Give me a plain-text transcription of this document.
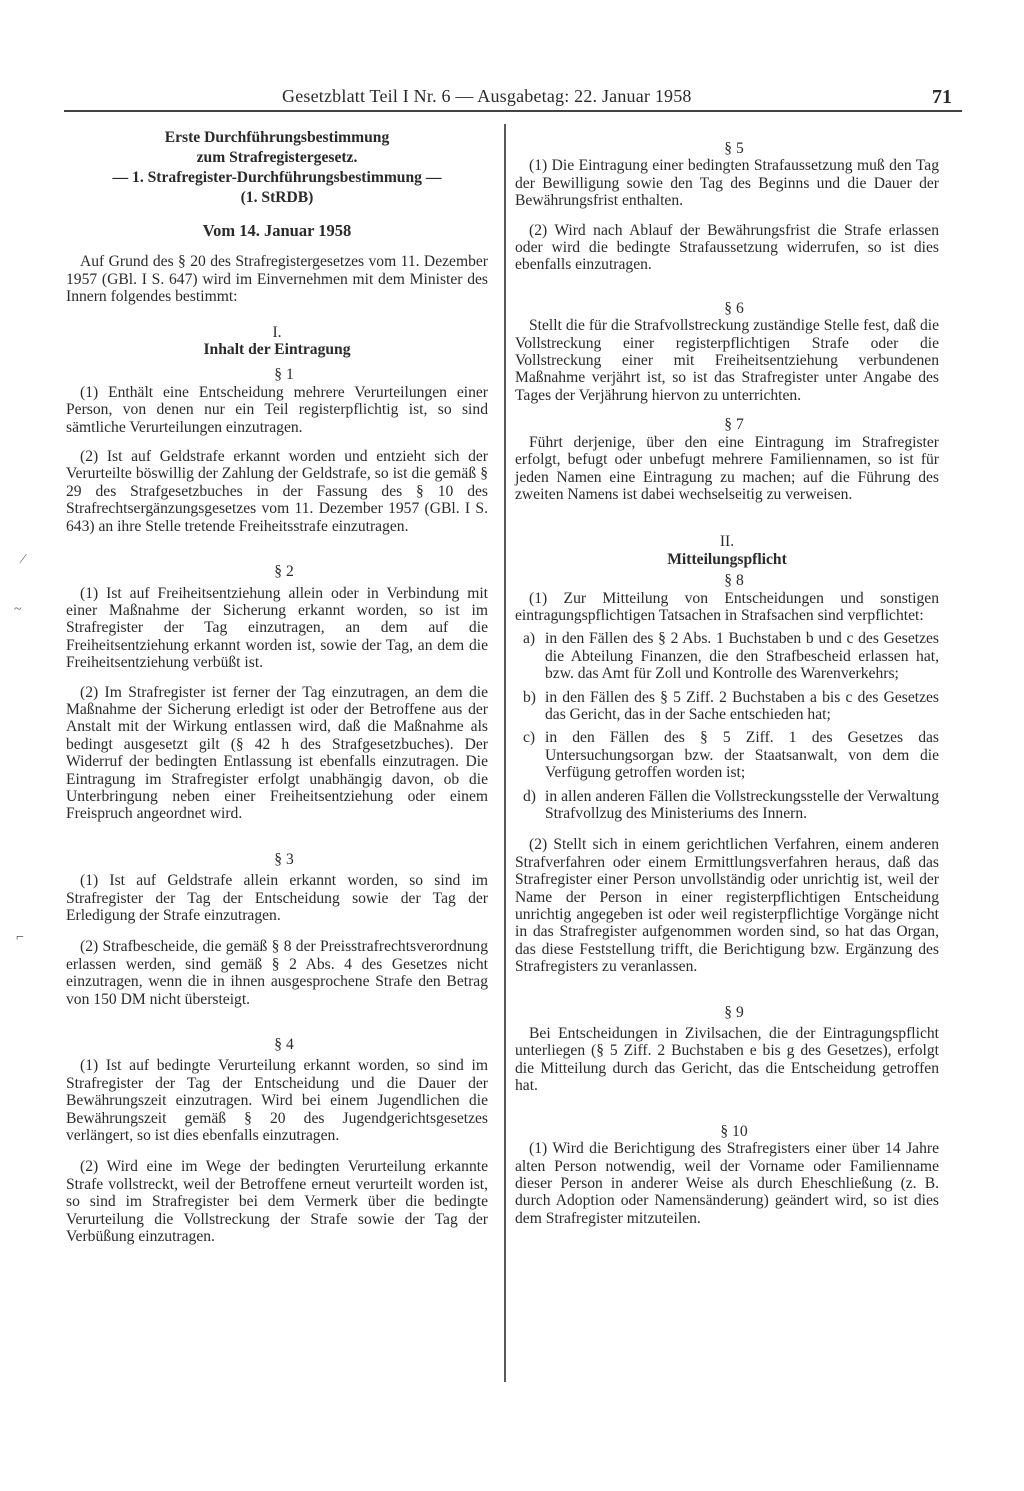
Gesetzblatt Teil I Nr. 6 — Ausgabetag: 22. Januar 1958	71

Erste Durchführungsbestimmung

zum Strafregistergesetz.

— 1. Strafregister-Durchführungsbestimmung —

(1. StRDB)

Vom 14. Januar 1958

Auf Grund des § 20 des Strafregistergesetzes vom 11. Dezember 1957 (GBl. I S. 647) wird im Einvernehmen mit dem Minister des Innern folgendes bestimmt:

I.

Inhalt der Eintragung

§ 1

(1) Enthält eine Entscheidung mehrere Verurteilungen einer Person, von denen nur ein Teil registerpflichtig ist, so sind sämtliche Verurteilungen einzutragen.

(2) Ist auf Geldstrafe erkannt worden und entzieht sich der Verurteilte böswillig der Zahlung der Geldstrafe, so ist die gemäß § 29 des Strafgesetzbuches in der Fassung des § 10 des Strafrechtsergänzungsgesetzes vom 11. Dezember 1957 (GBl. I S. 643) an ihre Stelle tretende Freiheitsstrafe einzutragen.

§ 2

(1) Ist auf Freiheitsentziehung allein oder in Verbindung mit einer Maßnahme der Sicherung erkannt worden, so ist im Strafregister der Tag einzutragen, an dem auf die Freiheitsentziehung erkannt worden ist, sowie der Tag, an dem die Freiheitsentziehung verbüßt ist.

(2) Im Strafregister ist ferner der Tag einzutragen, an dem die Maßnahme der Sicherung erledigt ist oder der Betroffene aus der Anstalt mit der Wirkung entlassen wird, daß die Maßnahme als bedingt ausgesetzt gilt (§ 42 h des Strafgesetzbuches). Der Widerruf der bedingten Entlassung ist ebenfalls einzutragen. Die Eintragung im Strafregister erfolgt unabhängig davon, ob die Unterbringung neben einer Freiheitsentziehung oder einem Freispruch angeordnet wird.

§ 3

(1) Ist auf Geldstrafe allein erkannt worden, so sind im Strafregister der Tag der Entscheidung sowie der Tag der Erledigung der Strafe einzutragen.

(2) Strafbescheide, die gemäß § 8 der Preisstrafrechtsverordnung erlassen werden, sind gemäß § 2 Abs. 4 des Gesetzes nicht einzutragen, wenn die in ihnen ausgesprochene Strafe den Betrag von 150 DM nicht übersteigt.

§ 4

(1) Ist auf bedingte Verurteilung erkannt worden, so sind im Strafregister der Tag der Entscheidung und die Dauer der Bewährungszeit einzutragen. Wird bei einem Jugendlichen die Bewährungszeit gemäß § 20 des Jugendgerichtsgesetzes verlängert, so ist dies ebenfalls einzutragen.

(2) Wird eine im Wege der bedingten Verurteilung erkannte Strafe vollstreckt, weil der Betroffene erneut verurteilt worden ist, so sind im Strafregister bei dem Vermerk über die bedingte Verurteilung die Vollstreckung der Strafe sowie der Tag der Verbüßung einzutragen.

§ 5

(1) Die Eintragung einer bedingten Strafaussetzung muß den Tag der Bewilligung sowie den Tag des Beginns und die Dauer der Bewährungsfrist enthalten.

(2) Wird nach Ablauf der Bewährungsfrist die Strafe erlassen oder wird die bedingte Strafaussetzung widerrufen, so ist dies ebenfalls einzutragen.

§ 6

Stellt die für die Strafvollstreckung zuständige Stelle fest, daß die Vollstreckung einer registerpflichtigen Strafe oder die Vollstreckung einer mit Freiheitsentziehung verbundenen Maßnahme verjährt ist, so ist das Strafregister unter Angabe des Tages der Verjährung hiervon zu unterrichten.

§ 7

Führt derjenige, über den eine Eintragung im Strafregister erfolgt, befugt oder unbefugt mehrere Familiennamen, so ist für jeden Namen eine Eintragung zu machen; auf die Führung des zweiten Namens ist dabei wechselseitig zu verweisen.

II.

Mitteilungspflicht

§ 8

(1) Zur Mitteilung von Entscheidungen und sonstigen eintragungspflichtigen Tatsachen in Strafsachen sind verpflichtet:

a) in den Fällen des § 2 Abs. 1 Buchstaben b und c des Gesetzes die Abteilung Finanzen, die den Strafbescheid erlassen hat, bzw. das Amt für Zoll und Kontrolle des Warenverkehrs;
b) in den Fällen des § 5 Ziff. 2 Buchstaben a bis c des Gesetzes das Gericht, das in der Sache entschieden hat;
c) in den Fällen des § 5 Ziff. 1 des Gesetzes das Untersuchungsorgan bzw. der Staatsanwalt, von dem die Verfügung getroffen worden ist;
d) in allen anderen Fällen die Vollstreckungsstelle der Verwaltung Strafvollzug des Ministeriums des Innern.

(2) Stellt sich in einem gerichtlichen Verfahren, einem anderen Strafverfahren oder einem Ermittlungsverfahren heraus, daß das Strafregister einer Person unvollständig oder unrichtig ist, weil der Name der Person in einer registerpflichtigen Entscheidung unrichtig angegeben ist oder weil registerpflichtige Vorgänge nicht in das Strafregister aufgenommen worden sind, so hat das Organ, das diese Feststellung trifft, die Berichtigung bzw. Ergänzung des Strafregisters zu veranlassen.

§ 9

Bei Entscheidungen in Zivilsachen, die der Eintragungspflicht unterliegen (§ 5 Ziff. 2 Buchstaben e bis g des Gesetzes), erfolgt die Mitteilung durch das Gericht, das die Entscheidung getroffen hat.

§ 10

(1) Wird die Berichtigung des Strafregisters einer über 14 Jahre alten Person notwendig, weil der Vorname oder Familienname dieser Person in anderer Weise als durch Eheschließung (z. B. durch Adoption oder Namensänderung) geändert wird, so ist dies dem Strafregister mitzuteilen.

⁄
~
⌐
